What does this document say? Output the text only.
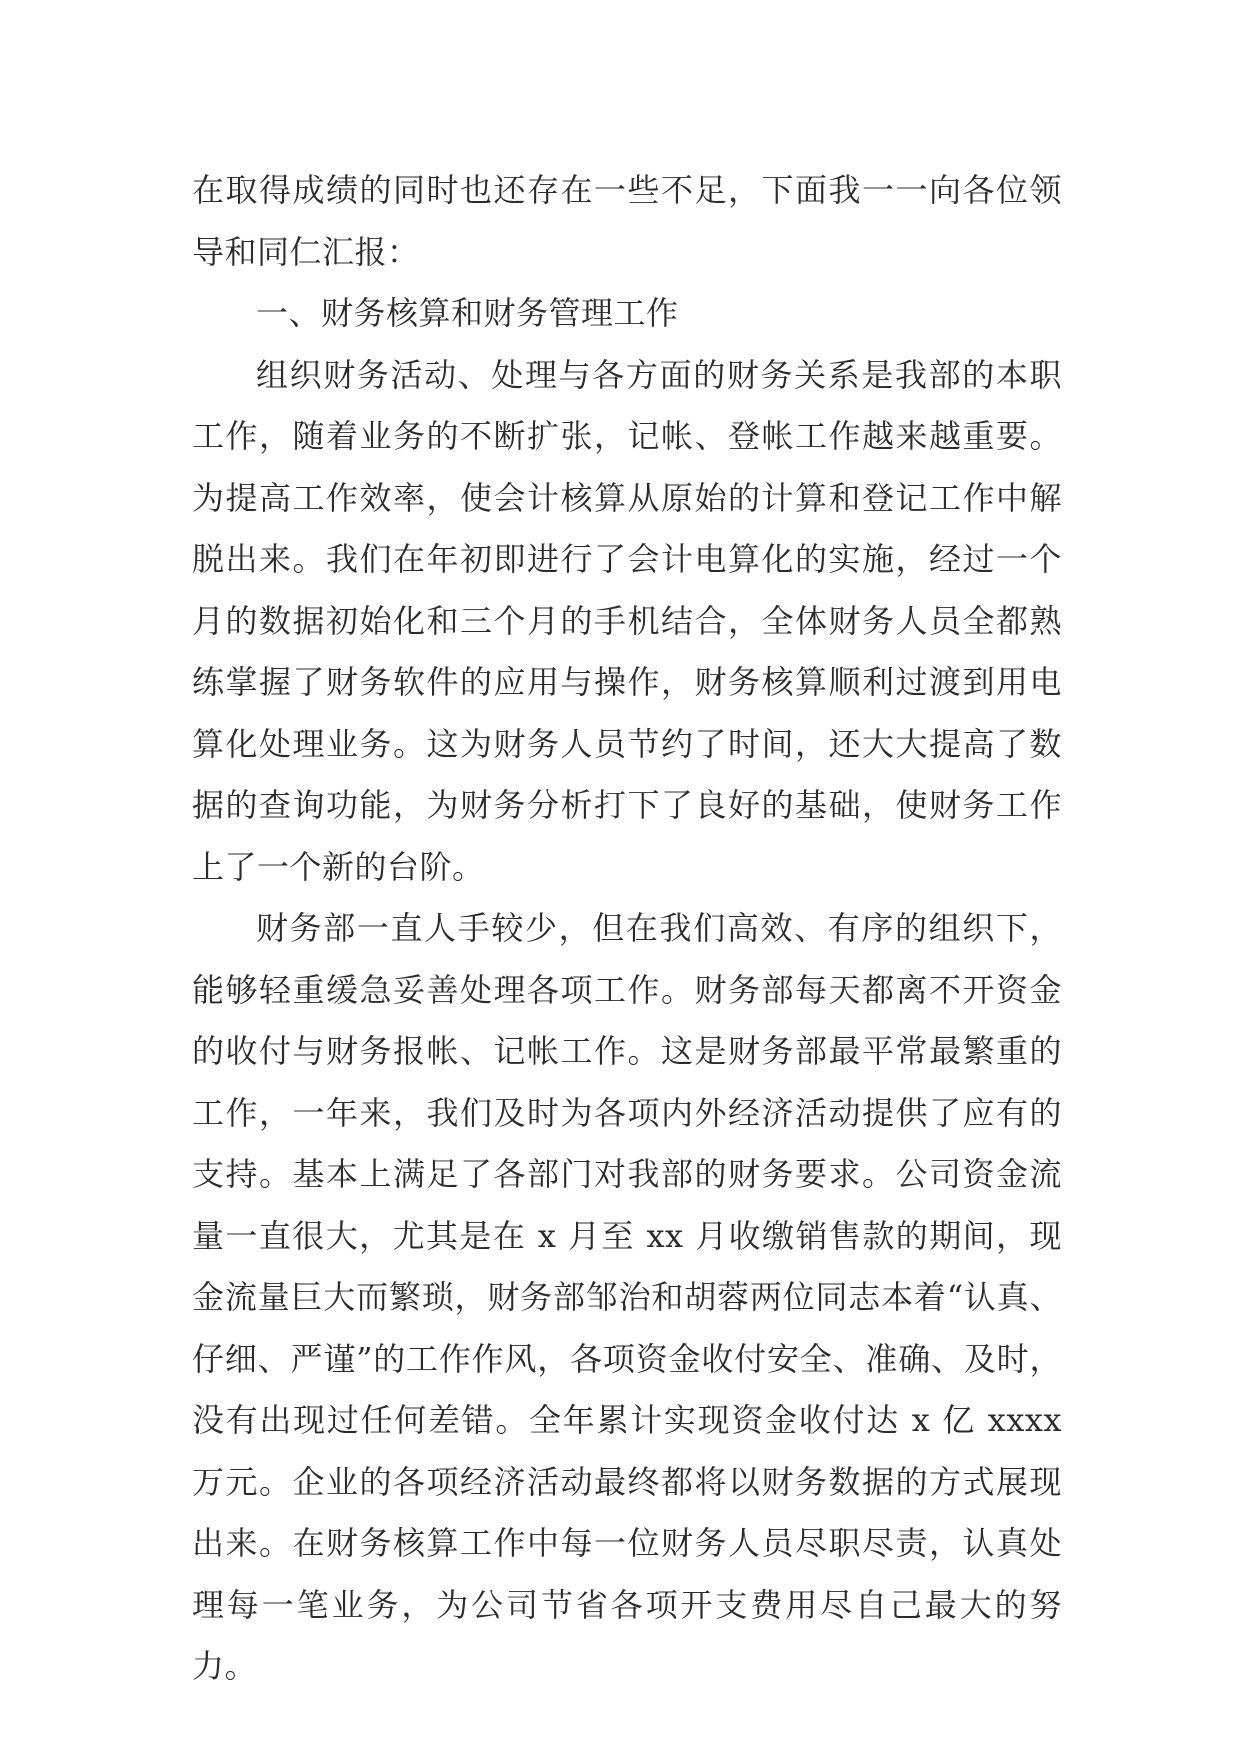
在取得成绩的同时也还存在一些不足，下面我一一向各位领导和同仁汇报：

一、财务核算和财务管理工作

组织财务活动、处理与各方面的财务关系是我部的本职工作，随着业务的不断扩张，记帐、登帐工作越来越重要。为提高工作效率，使会计核算从原始的计算和登记工作中解脱出来。我们在年初即进行了会计电算化的实施，经过一个月的数据初始化和三个月的手机结合，全体财务人员全都熟练掌握了财务软件的应用与操作，财务核算顺利过渡到用电算化处理业务。这为财务人员节约了时间，还大大提高了数据的查询功能，为财务分析打下了良好的基础，使财务工作上了一个新的台阶。

财务部一直人手较少，但在我们高效、有序的组织下，能够轻重缓急妥善处理各项工作。财务部每天都离不开资金的收付与财务报帐、记帐工作。这是财务部最平常最繁重的工作，一年来，我们及时为各项内外经济活动提供了应有的支持。基本上满足了各部门对我部的财务要求。公司资金流量一直很大，尤其是在 x 月至 xx 月收缴销售款的期间，现金流量巨大而繁琐，财务部邹治和胡蓉两位同志本着“认真、仔细、严谨”的工作作风，各项资金收付安全、准确、及时，没有出现过任何差错。全年累计实现资金收付达 x 亿 xxxx 万元。企业的各项经济活动最终都将以财务数据的方式展现出来。在财务核算工作中每一位财务人员尽职尽责，认真处理每一笔业务，为公司节省各项开支费用尽自己最大的努力。
